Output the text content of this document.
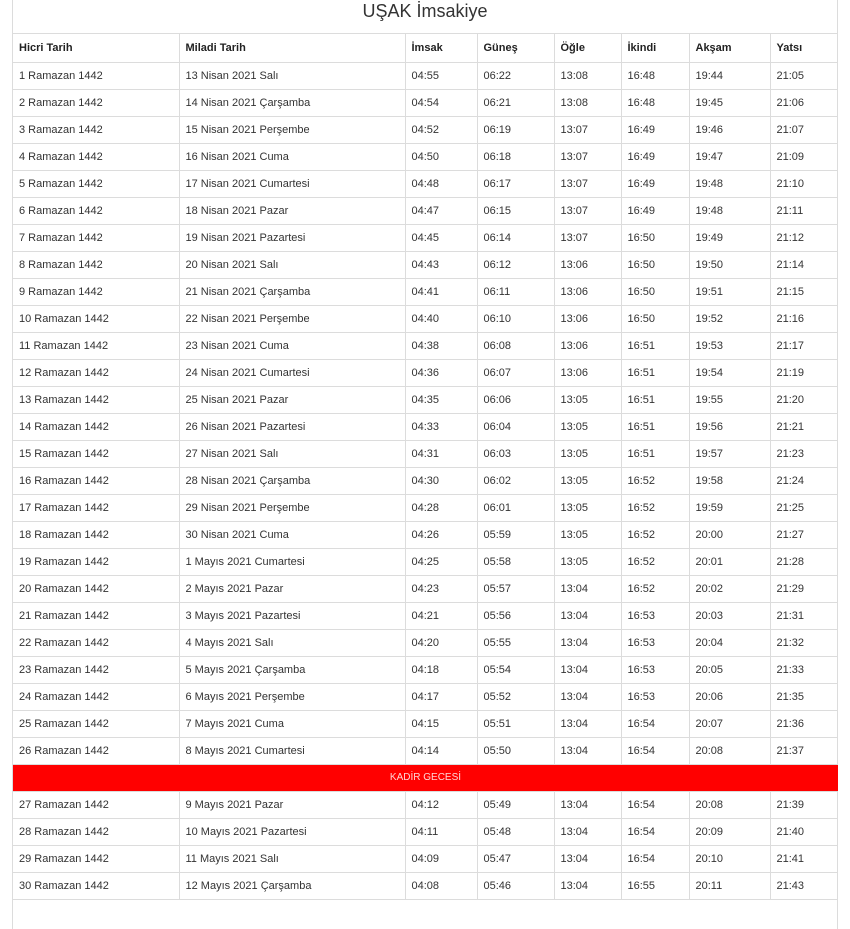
UŞAK İmsakiye
Hicri Tarih	Miladi Tarih	İmsak	Güneş	Öğle	İkindi	Akşam	Yatsı
1 Ramazan 1442	13 Nisan 2021 Salı	04:55	06:22	13:08	16:48	19:44	21:05
2 Ramazan 1442	14 Nisan 2021 Çarşamba	04:54	06:21	13:08	16:48	19:45	21:06
3 Ramazan 1442	15 Nisan 2021 Perşembe	04:52	06:19	13:07	16:49	19:46	21:07
4 Ramazan 1442	16 Nisan 2021 Cuma	04:50	06:18	13:07	16:49	19:47	21:09
5 Ramazan 1442	17 Nisan 2021 Cumartesi	04:48	06:17	13:07	16:49	19:48	21:10
6 Ramazan 1442	18 Nisan 2021 Pazar	04:47	06:15	13:07	16:49	19:48	21:11
7 Ramazan 1442	19 Nisan 2021 Pazartesi	04:45	06:14	13:07	16:50	19:49	21:12
8 Ramazan 1442	20 Nisan 2021 Salı	04:43	06:12	13:06	16:50	19:50	21:14
9 Ramazan 1442	21 Nisan 2021 Çarşamba	04:41	06:11	13:06	16:50	19:51	21:15
10 Ramazan 1442	22 Nisan 2021 Perşembe	04:40	06:10	13:06	16:50	19:52	21:16
11 Ramazan 1442	23 Nisan 2021 Cuma	04:38	06:08	13:06	16:51	19:53	21:17
12 Ramazan 1442	24 Nisan 2021 Cumartesi	04:36	06:07	13:06	16:51	19:54	21:19
13 Ramazan 1442	25 Nisan 2021 Pazar	04:35	06:06	13:05	16:51	19:55	21:20
14 Ramazan 1442	26 Nisan 2021 Pazartesi	04:33	06:04	13:05	16:51	19:56	21:21
15 Ramazan 1442	27 Nisan 2021 Salı	04:31	06:03	13:05	16:51	19:57	21:23
16 Ramazan 1442	28 Nisan 2021 Çarşamba	04:30	06:02	13:05	16:52	19:58	21:24
17 Ramazan 1442	29 Nisan 2021 Perşembe	04:28	06:01	13:05	16:52	19:59	21:25
18 Ramazan 1442	30 Nisan 2021 Cuma	04:26	05:59	13:05	16:52	20:00	21:27
19 Ramazan 1442	1 Mayıs 2021 Cumartesi	04:25	05:58	13:05	16:52	20:01	21:28
20 Ramazan 1442	2 Mayıs 2021 Pazar	04:23	05:57	13:04	16:52	20:02	21:29
21 Ramazan 1442	3 Mayıs 2021 Pazartesi	04:21	05:56	13:04	16:53	20:03	21:31
22 Ramazan 1442	4 Mayıs 2021 Salı	04:20	05:55	13:04	16:53	20:04	21:32
23 Ramazan 1442	5 Mayıs 2021 Çarşamba	04:18	05:54	13:04	16:53	20:05	21:33
24 Ramazan 1442	6 Mayıs 2021 Perşembe	04:17	05:52	13:04	16:53	20:06	21:35
25 Ramazan 1442	7 Mayıs 2021 Cuma	04:15	05:51	13:04	16:54	20:07	21:36
26 Ramazan 1442	8 Mayıs 2021 Cumartesi	04:14	05:50	13:04	16:54	20:08	21:37
KADİR GECESİ							
27 Ramazan 1442	9 Mayıs 2021 Pazar	04:12	05:49	13:04	16:54	20:08	21:39
28 Ramazan 1442	10 Mayıs 2021 Pazartesi	04:11	05:48	13:04	16:54	20:09	21:40
29 Ramazan 1442	11 Mayıs 2021 Salı	04:09	05:47	13:04	16:54	20:10	21:41
30 Ramazan 1442	12 Mayıs 2021 Çarşamba	04:08	05:46	13:04	16:55	20:11	21:43
